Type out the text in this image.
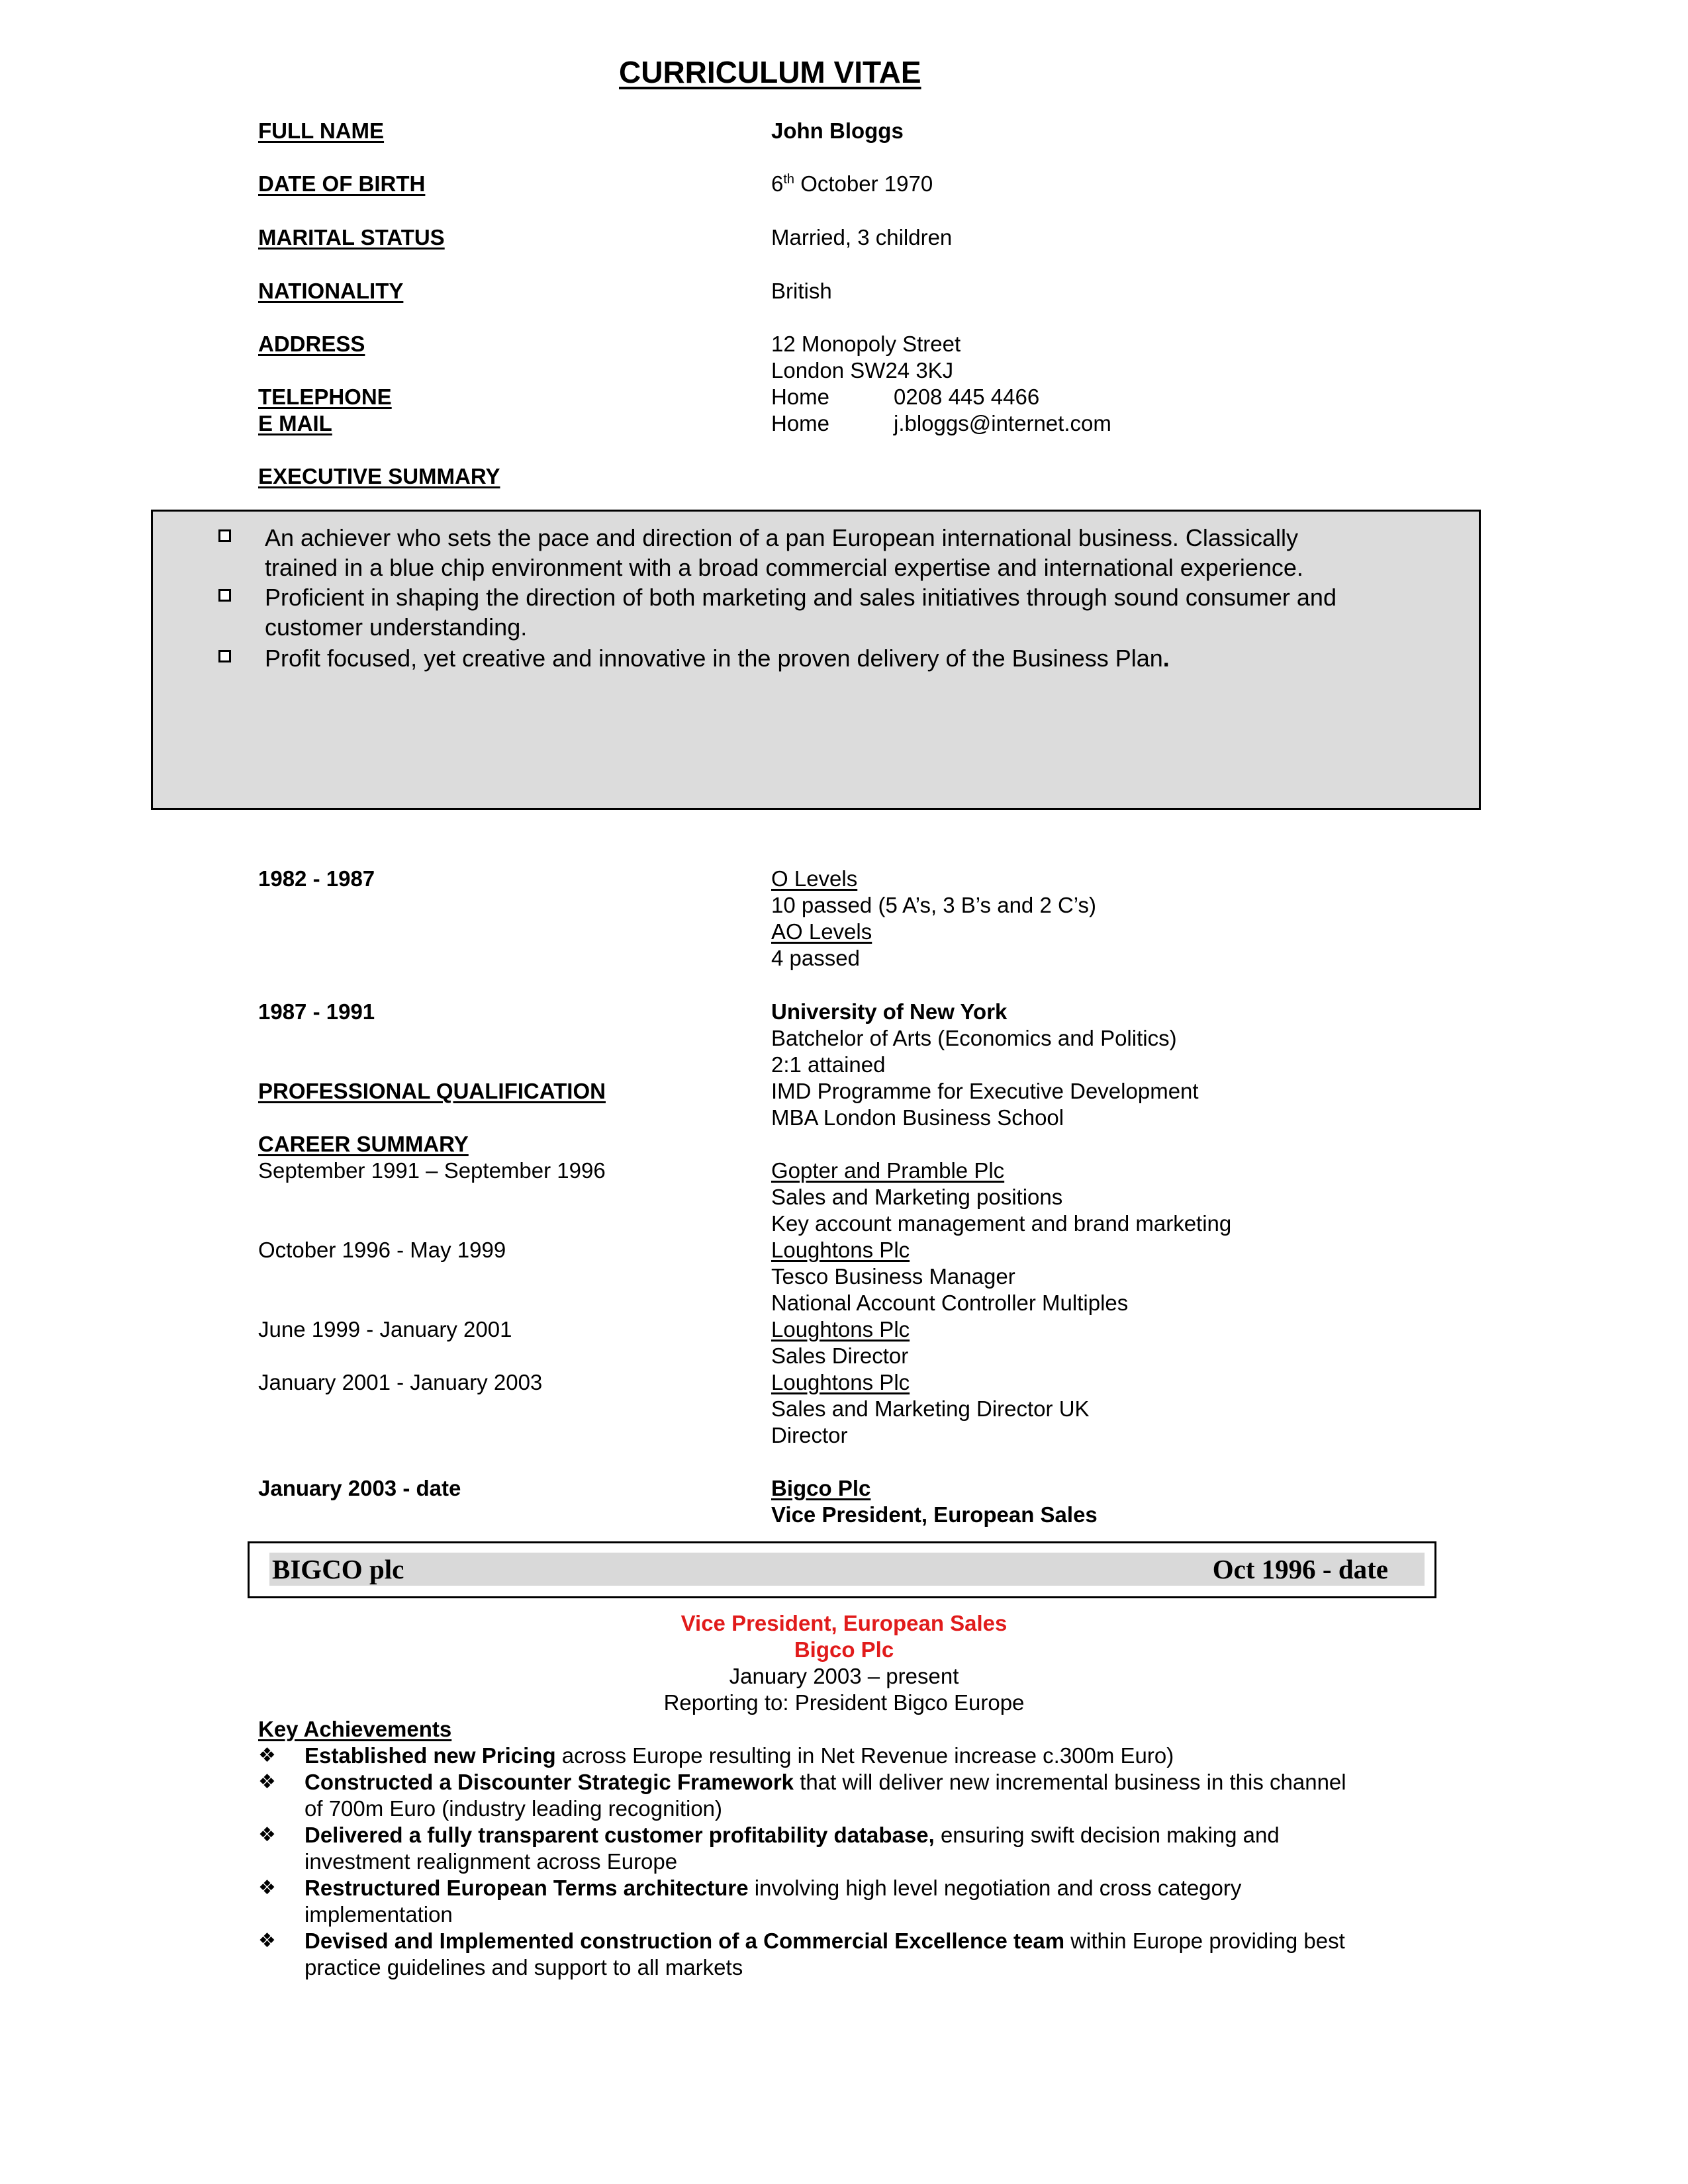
CURRICULUM VITAE
FULL NAME	John Bloggs
DATE OF BIRTH	6th October 1970
MARITAL STATUS	Married, 3 children
NATIONALITY	British
ADDRESS	12 Monopoly Street
London SW24 3KJ
TELEPHONE	Home	0208 445 4466
E MAIL	Home	j.bloggs@internet.com
EXECUTIVE SUMMARY
An achiever who sets the pace and direction of a pan European international business. Classically
trained in a blue chip environment with a broad commercial expertise and international experience.
Proficient in shaping the direction of both marketing and sales initiatives through sound consumer and
customer understanding.
Profit focused, yet creative and innovative in the proven delivery of the Business Plan.
1982 - 1987	O Levels
10 passed (5 A’s, 3 B’s and 2 C’s)
AO Levels
4 passed
1987 - 1991	University of New York
Batchelor of Arts (Economics and Politics)
2:1 attained
PROFESSIONAL QUALIFICATION	IMD Programme for Executive Development
MBA London Business School
CAREER SUMMARY
September 1991 – September 1996	Gopter and Pramble Plc
Sales and Marketing positions
Key account management and brand marketing
October 1996 - May 1999	Loughtons Plc
Tesco Business Manager
National Account Controller Multiples
June 1999 - January 2001	Loughtons Plc
Sales Director
January 2001 - January 2003	Loughtons Plc
Sales and Marketing Director UK
Director
January 2003 - date	Bigco Plc
Vice President, European Sales
BIGCO plc	Oct 1996 - date
Vice President, European Sales
Bigco Plc
January 2003 – present
Reporting to: President Bigco Europe
Key Achievements
❖ Established new Pricing across Europe resulting in Net Revenue increase c.300m Euro)
❖ Constructed a Discounter Strategic Framework that will deliver new incremental business in this channel
of 700m Euro (industry leading recognition)
❖ Delivered a fully transparent customer profitability database, ensuring swift decision making and
investment realignment across Europe
❖ Restructured European Terms architecture involving high level negotiation and cross category
implementation
❖ Devised and Implemented construction of a Commercial Excellence team within Europe providing best
practice guidelines and support to all markets
